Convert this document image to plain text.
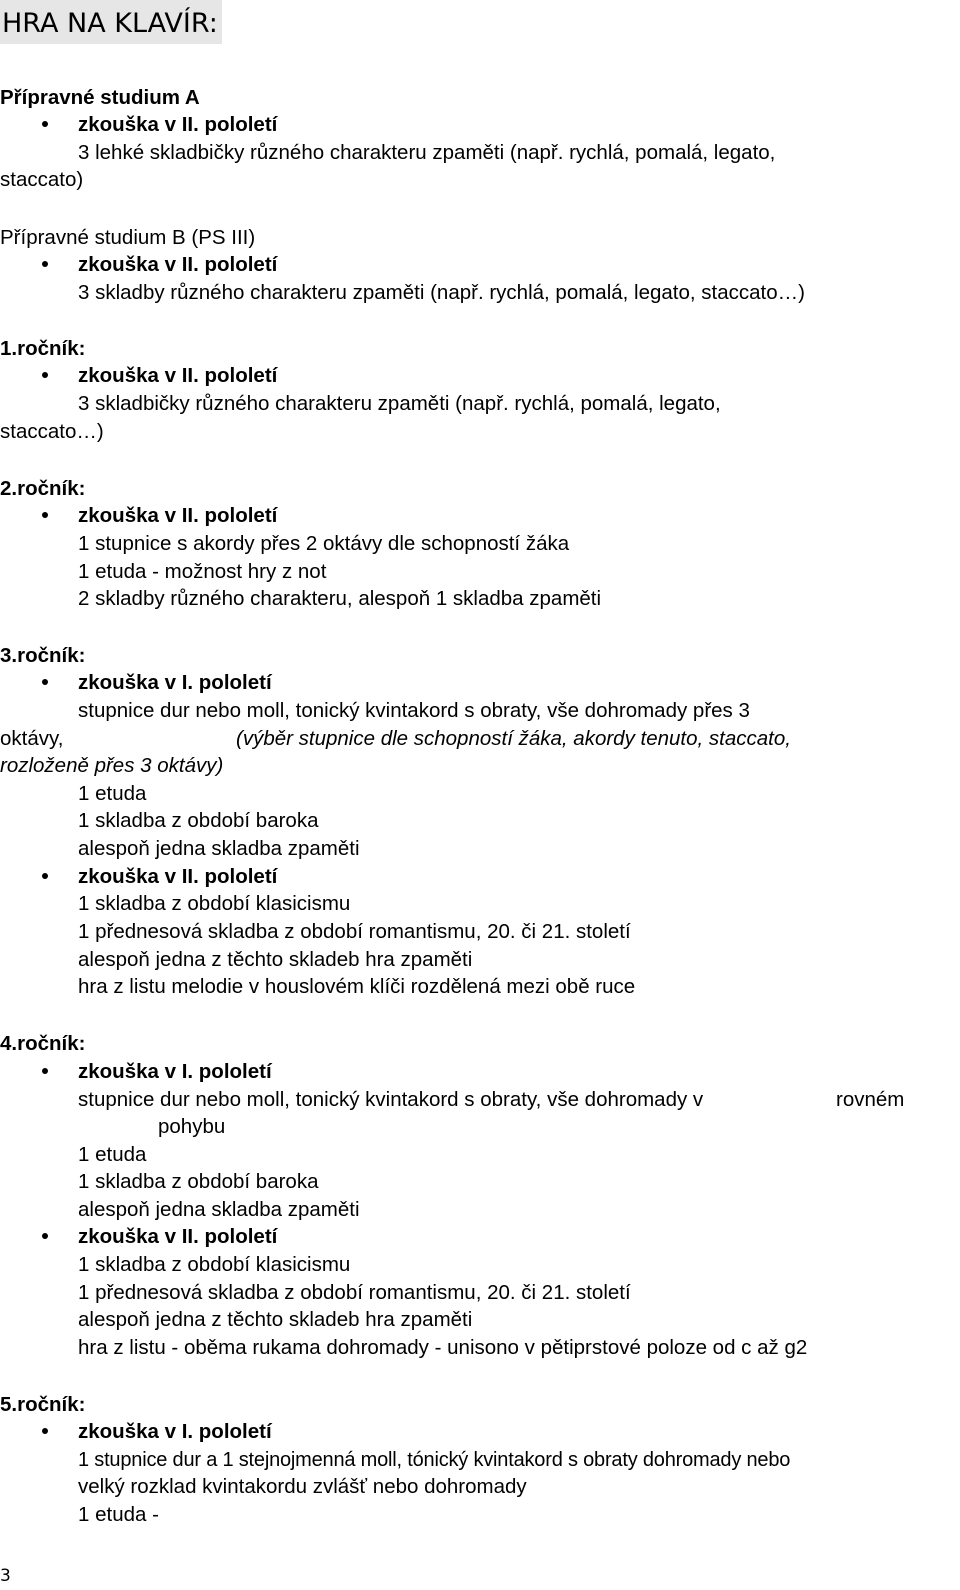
HRA NA KLAVÍR:
Přípravné studium A
zkouška v II. pololetí
3 lehké skladbičky různého charakteru zpaměti (např. rychlá, pomalá, legato,
staccato)
Přípravné studium B (PS III)
zkouška v II. pololetí
3 skladby různého charakteru zpaměti (např. rychlá, pomalá, legato, staccato…)
1.ročník:
zkouška v II. pololetí
3 skladbičky různého charakteru zpaměti (např. rychlá, pomalá, legato,
staccato…)
2.ročník:
zkouška v II. pololetí
1 stupnice s akordy přes 2 oktávy dle schopností žáka
1 etuda - možnost hry z not
2 skladby různého charakteru, alespoň 1 skladba zpaměti
3.ročník:
zkouška v I. pololetí
stupnice dur nebo moll, tonický kvintakord s obraty, vše dohromady přes 3
oktávy,	(výběr stupnice dle schopností žáka, akordy tenuto, staccato,
rozloženě přes 3 oktávy)
1 etuda
1 skladba z období baroka
alespoň jedna skladba zpaměti
zkouška v II. pololetí
1 skladba z období klasicismu
1 přednesová skladba z období romantismu, 20. či 21. století
alespoň jedna z těchto skladeb hra zpaměti
hra z listu melodie v houslovém klíči rozdělená mezi obě ruce
4.ročník:
zkouška v I. pololetí
stupnice dur nebo moll, tonický kvintakord s obraty, vše dohromady v	rovném
pohybu
1 etuda
1 skladba z období baroka
alespoň jedna skladba zpaměti
zkouška v II. pololetí
1 skladba z období klasicismu
1 přednesová skladba z období romantismu, 20. či 21. století
alespoň jedna z těchto skladeb hra zpaměti
hra z listu - oběma rukama dohromady - unisono v pětiprstové poloze od c až g2
5.ročník:
zkouška v I. pololetí
1 stupnice dur a 1 stejnojmenná moll, tónický kvintakord s obraty dohromady nebo
velký rozklad kvintakordu zvlášť nebo dohromady
1 etuda -
3
